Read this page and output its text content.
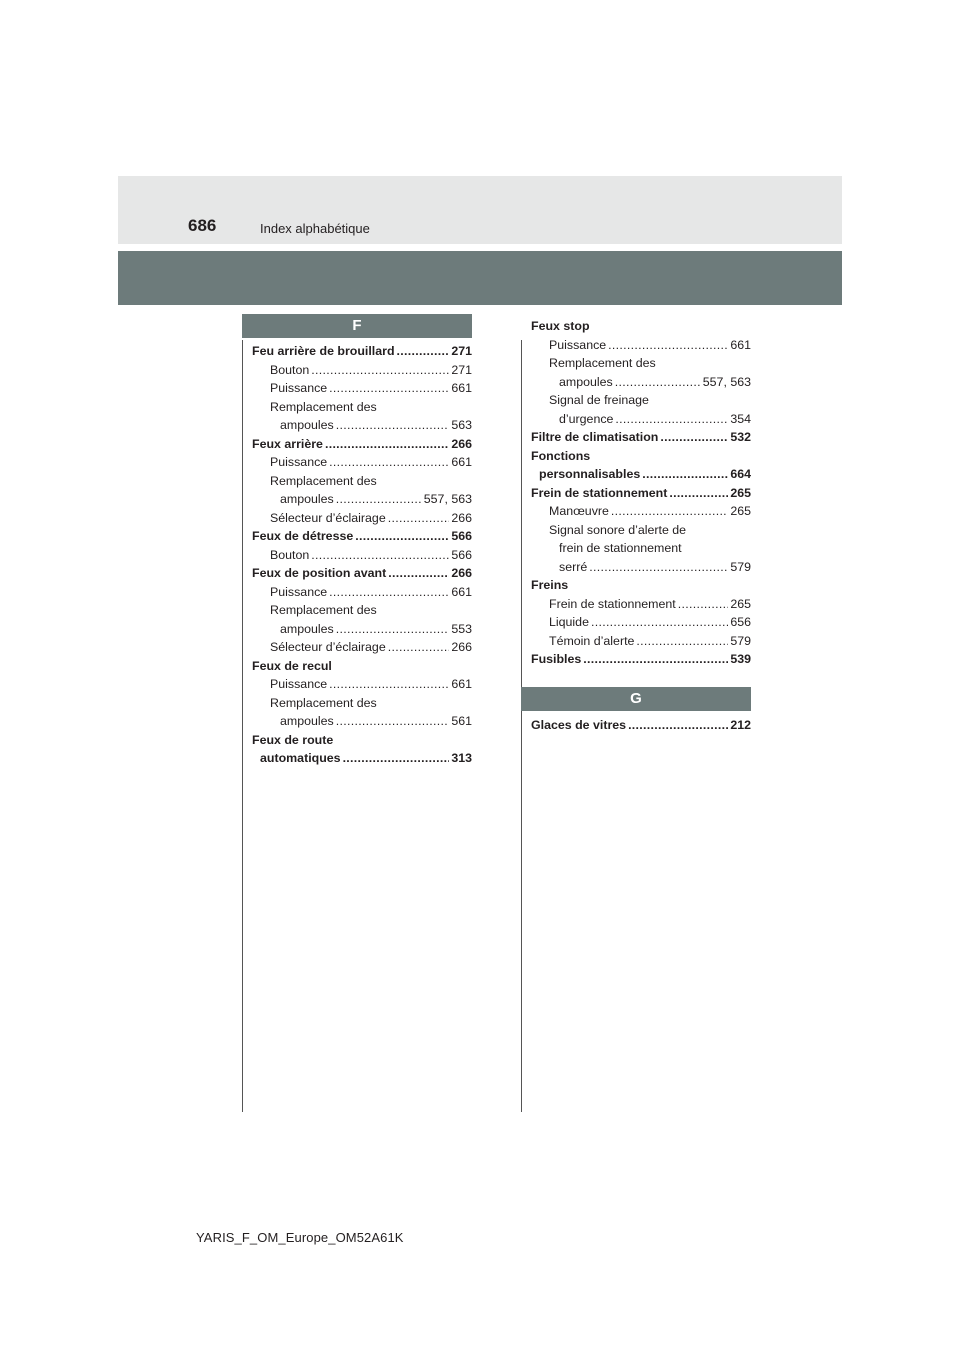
686	Index alphabétique
F
Feu arrière de brouillard .....	271
Bouton .....	271
Puissance .....	661
Remplacement des
ampoules .....	563
Feux arrière .....	266
Puissance .....	661
Remplacement des
ampoules .....	557, 563
Sélecteur d’éclairage .....	266
Feux de détresse .....	566
Bouton .....	566
Feux de position avant .....	266
Puissance .....	661
Remplacement des
ampoules .....	553
Sélecteur d’éclairage .....	266
Feux de recul
Puissance .....	661
Remplacement des
ampoules .....	561
Feux de route
automatiques .....	313
Feux stop
Puissance .....	661
Remplacement des
ampoules .....	557, 563
Signal de freinage
d’urgence .....	354
Filtre de climatisation .....	532
Fonctions
personnalisables .....	664
Frein de stationnement .....	265
Manœuvre .....	265
Signal sonore d’alerte de
frein de stationnement
serré .....	579
Freins
Frein de stationnement .....	265
Liquide .....	656
Témoin d’alerte .....	579
Fusibles .....	539
G
Glaces de vitres .....	212
YARIS_F_OM_Europe_OM52A61K
